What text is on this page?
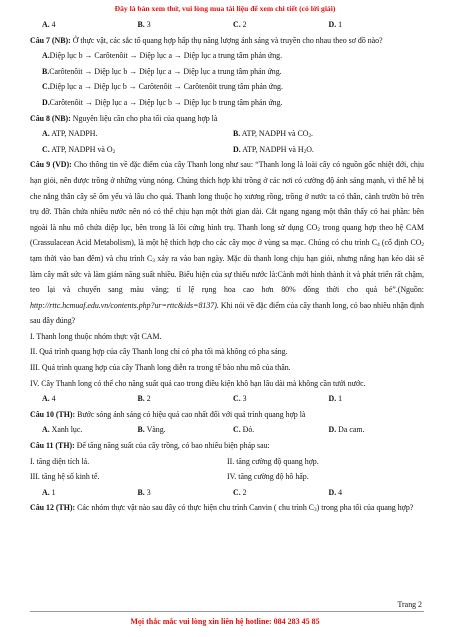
Đây là bản xem thử, vui lòng mua tài liệu để xem chi tiết (có lời giải)
A. 4	B. 3	C. 2	D. 1

Câu 7 (NB): Ở thực vật, các sắc tố quang hợp hấp thụ năng lượng ánh sáng và truyền cho nhau theo sơ đồ nào?

A. Diệp lục b → Carôtenôit → Diệp lục a → Diệp lục a trung tâm phản ứng.
B. Carôtenôit → Diệp lục b → Diệp lục a → Diệp lục a trung tâm phản ứng.
C. Diệp lục a → Diệp lục b → Carôtenôit → Carôtenôit trung tâm phản ứng.
D. Carôtenôit → Diệp lục a → Diệp lục b → Diệp lục b trung tâm phản ứng.

Câu 8 (NB): Nguyên liệu cần cho pha tối của quang hợp là

A. ATP, NADPH.	B. ATP, NADPH và $CO_2$.
C. ATP, NADPH và $O_2$	D. ATP, NADPH và $H_2O$.

Câu 9 (VD): Cho thông tin về đặc điểm của cây Thanh long như sau: “Thanh long là loài cây có nguồn gốc nhiệt đới, chịu hạn giỏi, nên được trồng ở những vùng nóng. Chúng thích hợp khi trồng ở các nơi có cường độ ánh sáng mạnh, vì thế hễ bị che nắng thân cây sẽ ốm yếu và lâu cho quả. Thanh long thuộc họ xương rồng, trồng ở nước ta có thân, cành trườn bò trên trụ đỡ. Thân chứa nhiều nước nên nó có thể chịu hạn một thời gian dài. Cắt ngang ngang một thân thấy có hai phần: bên ngoài là nhu mô chứa diệp lục, bên trong là lõi cứng hình trụ. Thanh long sử dụng $CO_2$ trong quang hợp theo hệ CAM (Crassulacean Acid Metabolism), là một hệ thích hợp cho các cây mọc ở vùng sa mạc. Chúng có chu trình $C_4$ (cố định $CO_2$ tạm thời vào ban đêm) và chu trình $C_3$ xảy ra vào ban ngày. Mặc dù thanh long chịu hạn giỏi, nhưng nắng hạn kéo dài sẽ làm cây mất sức và làm giảm năng suất nhiều. Biểu hiện của sự thiếu nước là:Cành mới hình thành ít và phát triển rất chậm, teo lại và chuyển sang màu vàng; tỉ lệ rụng hoa cao hơn 80% đồng thời cho quả bé”.(Nguồn: http://rttc.hcmuaf.edu.vn/contents.php?ur=rttc&ids=8137). Khi nói về đặc điểm của cây thanh long, có bao nhiêu nhận định sau đây đúng?

I. Thanh long thuộc nhóm thực vật CAM.

II. Quá trình quang hợp của cây Thanh long chỉ có pha tối mà không có pha sáng.

III. Quá trình quang hợp của cây Thanh long diễn ra trong tế bào nhu mô của thân.

IV. Cây Thanh long có thể cho năng suất quả cao trong điều kiện khô hạn lâu dài mà không cần tưới nước.

A. 4	B. 2	C. 3	D. 1

Câu 10 (TH): Bước sóng ánh sáng có hiệu quả cao nhất đối với quá trình quang hợp là

A. Xanh lục.	B. Vàng.	C. Đỏ.	D. Da cam.

Câu 11 (TH): Để tăng năng suất của cây trồng, có bao nhiêu biện pháp sau:

I. tăng diện tích lá.	II. tăng cường độ quang hợp.
III. tăng hệ số kinh tế.	IV. tăng cường độ hô hấp.
A. 1	B. 3	C. 2	D. 4

Câu 12 (TH): Các nhóm thực vật nào sau đây có thực hiện chu trình Canvin ( chu trình $C_3$) trong pha tối của quang hợp?

Trang 2
Mọi thắc mắc vui lòng xin liên hệ hotline: 084 283 45 85
